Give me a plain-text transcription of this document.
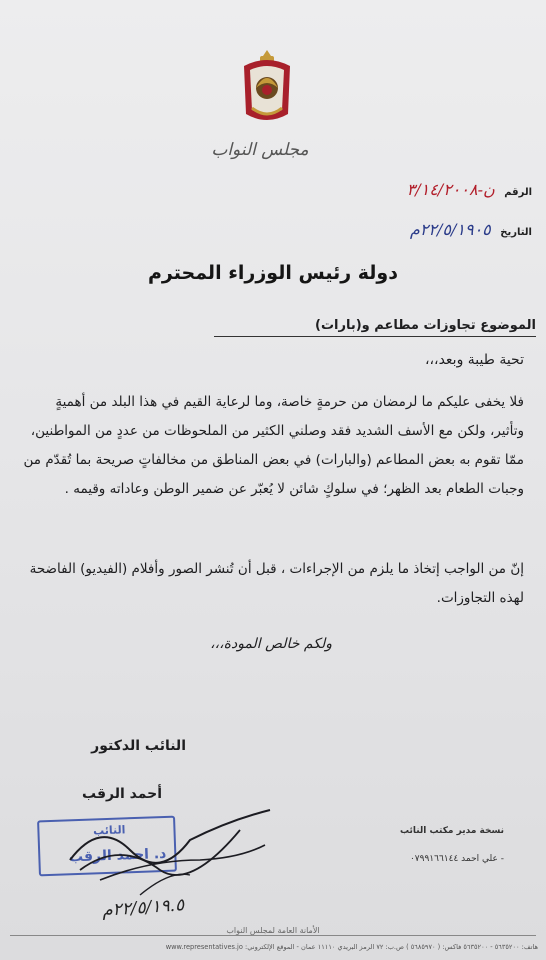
مجلس النواب
الرقم ن-٣/١٤/٢٠٠٨
التاريخ ٢٢/٥/١٩٠٥م
دولة رئيس الوزراء المحترم
الموضوع تجاوزات مطاعم و(بارات)
تحية طيبة وبعد،،،
فلا يخفى عليكم ما لرمضان من حرمةٍ خاصة، وما لرعاية القيم في هذا البلد من أهميةٍ وتأثير، ولكن مع الأسف الشديد فقد وصلني الكثير من الملحوظات من عددٍ من المواطنين، ممّا تقوم به بعض المطاعم (والبارات) في بعض المناطق من مخالفاتٍ صريحة بما تُقدّم من وجبات الطعام بعد الظهر؛ في سلوكٍ شائن لا يُعبّر عن ضمير الوطن وعاداته وقيمه .
إنّ من الواجب إتخاذ ما يلزم من الإجراءات ، قبل أن تُنشر الصور وأفلام (الفيديو) الفاضحة لهذه التجاوزات.
ولكم خالص المودة،،،
النائب الدكتور
أحمد الرقب
نسخة مدير مكتب النائب
- علي احمد ٠٧٩٩١٦٦١٤٤
النائب
د. احمد الرقب
٢٢/٥/١٩.٥م
الأمانة العامة لمجلس النواب
هاتف: ٥٦٣٥٢٠٠ - ٥٦٣٥٢٠٠ فاكس: ( ٥٦٨٥٩٧٠ ) ص.ب: ٧٢ الرمز البريدي ١١١١٠ عمان - الموقع الإلكتروني: www.representatives.jo
